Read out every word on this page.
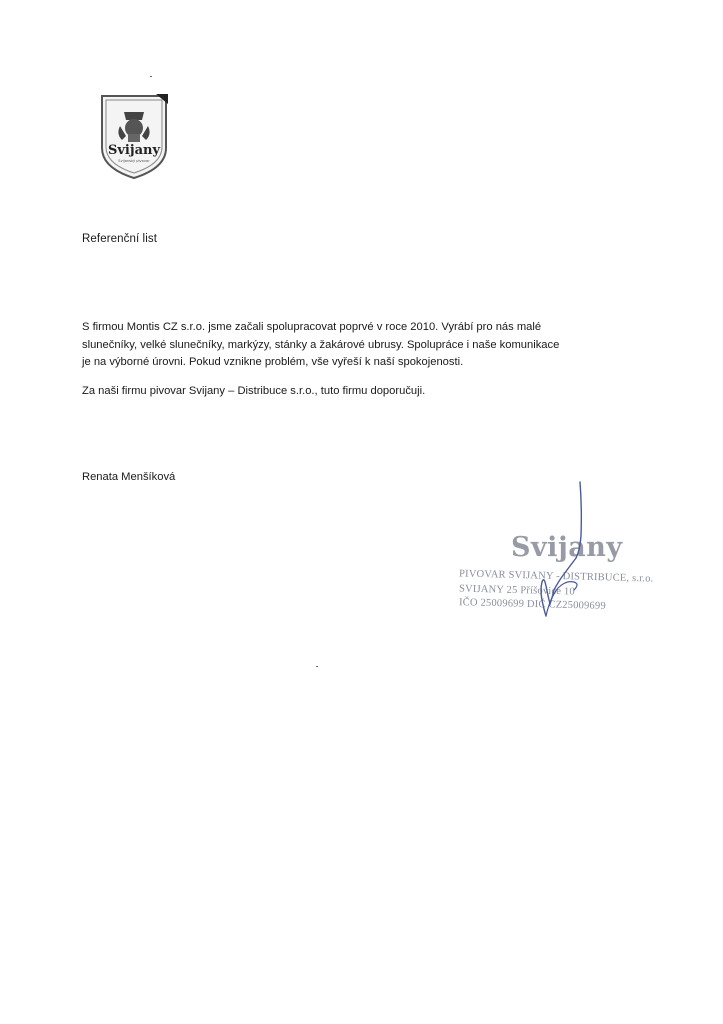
Svijany
Svijanský pivovar
Referenční list

S firmou Montis CZ s.r.o. jsme začali spolupracovat poprvé v roce 2010. Vyrábí pro nás malé
slunečníky, velké slunečníky, markýzy, stánky a žakárové ubrusy. Spolupráce i naše komunikace
je na výborné úrovni. Pokud vznikne problém, vše vyřeší k naší spokojenosti.

Za naši firmu pivovar Svijany – Distribuce s.r.o., tuto firmu doporučuji.
Renata Menšíková
Svijany
PIVOVAR SVIJANY - DISTRIBUCE, s.r.o.
SVIJANY 25 Příšovice 10
IČO 25009699 DIČ CZ25009699
